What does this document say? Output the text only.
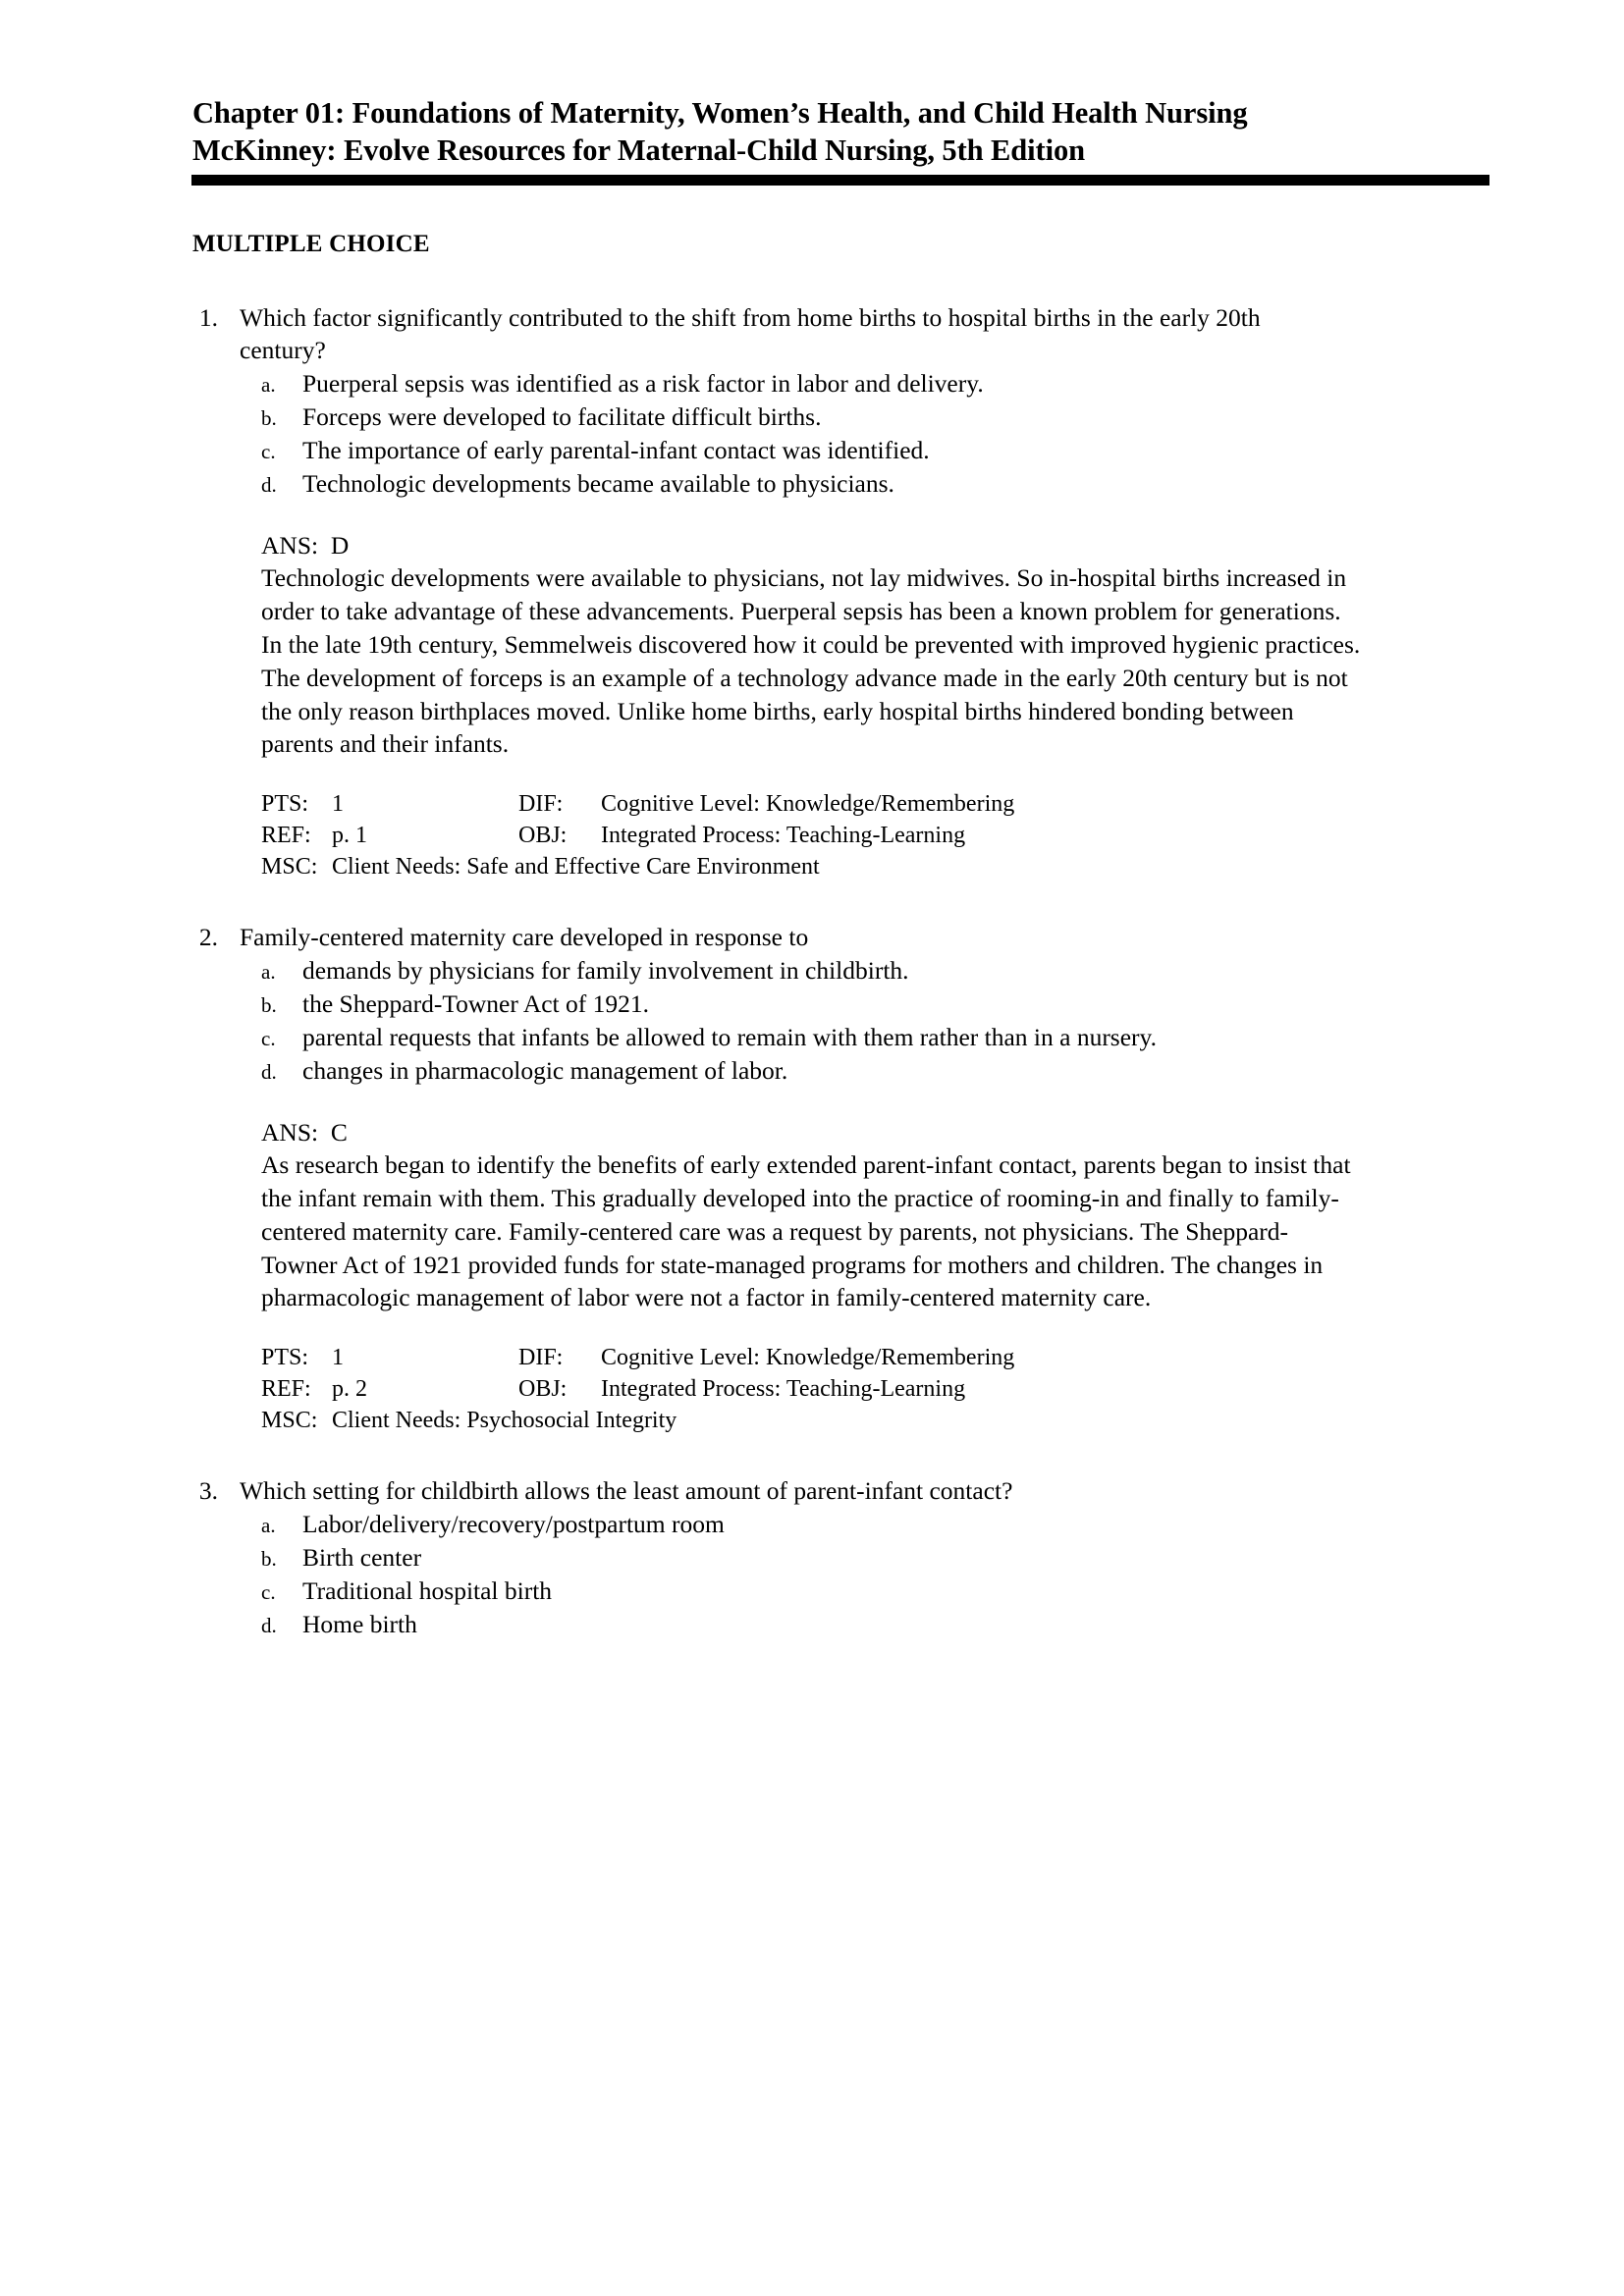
Chapter 01: Foundations of Maternity, Women’s Health, and Child Health Nursing
McKinney: Evolve Resources for Maternal-Child Nursing, 5th Edition
MULTIPLE CHOICE
1. Which factor significantly contributed to the shift from home births to hospital births in the early 20th century?
a.	Puerperal sepsis was identified as a risk factor in labor and delivery.
b.	Forceps were developed to facilitate difficult births.
c.	The importance of early parental-infant contact was identified.
d.	Technologic developments became available to physicians.
ANS:  D
Technologic developments were available to physicians, not lay midwives. So in-hospital births increased in order to take advantage of these advancements. Puerperal sepsis has been a known problem for generations. In the late 19th century, Semmelweis discovered how it could be prevented with improved hygienic practices. The development of forceps is an example of a technology advance made in the early 20th century but is not the only reason birthplaces moved. Unlike home births, early hospital births hindered bonding between parents and their infants.
PTS: 1	DIF:	Cognitive Level: Knowledge/Remembering
REF: p. 1	OBJ:	Integrated Process: Teaching-Learning
MSC: Client Needs: Safe and Effective Care Environment
2. Family-centered maternity care developed in response to
a.	demands by physicians for family involvement in childbirth.
b.	the Sheppard-Towner Act of 1921.
c.	parental requests that infants be allowed to remain with them rather than in a nursery.
d.	changes in pharmacologic management of labor.
ANS:  C
As research began to identify the benefits of early extended parent-infant contact, parents began to insist that the infant remain with them. This gradually developed into the practice of rooming-in and finally to family-centered maternity care. Family-centered care was a request by parents, not physicians. The Sheppard-Towner Act of 1921 provided funds for state-managed programs for mothers and children. The changes in pharmacologic management of labor were not a factor in family-centered maternity care.
PTS: 1	DIF:	Cognitive Level: Knowledge/Remembering
REF: p. 2	OBJ:	Integrated Process: Teaching-Learning
MSC: Client Needs: Psychosocial Integrity
3. Which setting for childbirth allows the least amount of parent-infant contact?
a.	Labor/delivery/recovery/postpartum room
b.	Birth center
c.	Traditional hospital birth
d.	Home birth
